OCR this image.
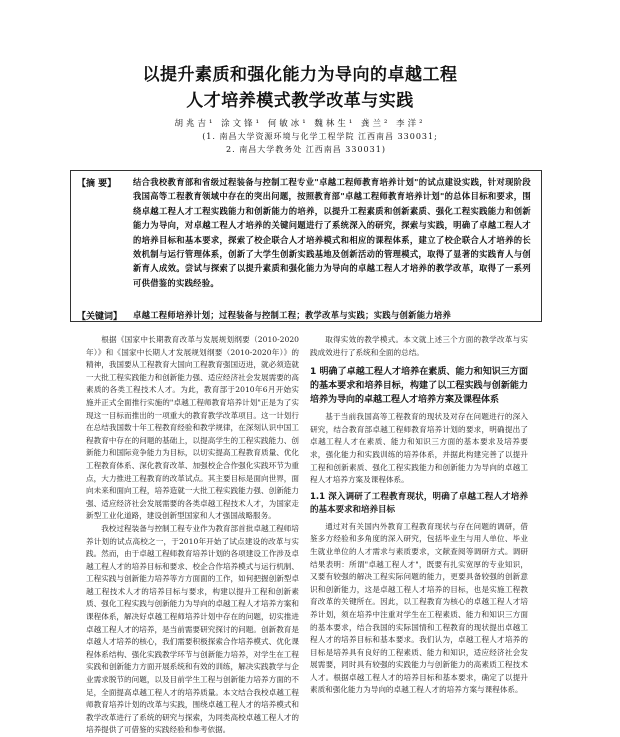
以提升素质和强化能力为导向的卓越工程
人才培养模式教学改革与实践
胡兆吉¹ 涂文锋¹ 何敏冰¹ 魏林生¹ 龚兰² 李洋²
(1. 南昌大学资源环境与化学工程学院 江西南昌 330031;
2. 南昌大学教务处 江西南昌 330031)
【摘 要】 结合我校教育部和省级过程装备与控制工程专业"卓越工程师教育培养计划"的试点建设实践，针对现阶段我国高等工程教育领域中存在的突出问题，按照教育部"卓越工程师教育培养计划"的总体目标和要求，围绕卓越工程人才工程实践能力和创新能力的培养，以提升工程素质和创新素质、强化工程实践能力和创新能力为导向，对卓越工程人才培养的关键问题进行了系统深入的研究，探索与实践，明确了卓越工程人才的培养目标和基本要求，探索了校企联合人才培养模式和相应的课程体系，建立了校企联合人才培养的长效机制与运行管理体系，创新了大学生创新实践基地及创新活动的管理模式，取得了显著的实践育人与创新育人成效。尝试与探索了以提升素质和强化能力为导向的卓越工程人才培养的教学改革，取得了一系列可供借鉴的实践经验。
【关键词】 卓越工程师培养计划；过程装备与控制工程；教学改革与实践；实践与创新能力培养

根据《国家中长期教育改革与发展规划纲要（2010-2020年）》和《国家中长期人才发展规划纲要（2010-2020年）》的精神，我国要从工程教育大国向工程教育强国迈进，就必须造就一大批工程实践能力和创新能力强、适应经济社会发展需要的高素质的各类工程技术人才。为此，教育部于2010年6月开始实施并正式全面推行实施的"卓越工程师教育培养计划"正是为了实现这一目标而推出的一项重大的教育教学改革项目。这一计划行在总结我国数十年工程教育经验和教学规律，在深刻认识中国工程教育中存在的问题的基础上，以提高学生的工程实践能力、创新能力和国际竞争能力为目标，以切实提高工程教育质量、优化工程教育体系、深化教育改革、加强校企合作强化实践环节为重点，大力推进工程教育的改革试点。其主要目标是面向世界，面向未来和面向工程，培养造就一大批工程实践能力强、创新能力强、适应经济社会发展需要的各类卓越工程技术人才，为国家走新型工业化道路，建设创新型国家和人才强国战略服务。

我校过程装备与控制工程专业作为教育部首批卓越工程师培养计划的试点高校之一，于2010年开始了试点建设的改革与实践。然而，由于卓越工程师教育培养计划的各项建设工作涉及卓越工程人才的培养目标和要求、校企合作培养模式与运行机制、工程实践与创新能力培养等方方面面的工作，如何把握创新型卓越工程技术人才的培养目标与要求，构建以提升工程和创新素质、强化工程实践与创新能力为导向的卓越工程人才培养方案和课程体系，解决好卓越工程师培养计划中存在的问题，切实推进卓越工程人才的培养，是当前需要研究探讨的问题。创新教育是卓越人才培养的核心，我们需要积极探索合作培养模式、优化课程体系结构、强化实践教学环节与创新能力培养，对学生在工程实践和创新能力方面开展系统和有效的训练，解决实践教学与企业需求脱节的问题，以及目前学生工程与创新能力培养方面的不足，全面提高卓越工程人才的培养质量。本文结合我校卓越工程师教育培养计划的改革与实践，围绕卓越工程人才的培养模式和教学改革进行了系统的研究与探索，为同类高校卓越工程人才的培养提供了可借鉴的实践经验和参考依据。

取得实效的教学模式。本文就上述三个方面的教学改革与实践成效进行了系统和全面的总结。

1 明确了卓越工程人才培养在素质、能力和知识三方面的基本要求和培养目标，构建了以工程实践与创新能力培养为导向的卓越工程人才培养方案及课程体系

基于当前我国高等工程教育的现状及对存在问题进行的深入研究，结合教育部卓越工程师教育培养计划的要求，明确提出了卓越工程人才在素质、能力和知识三方面的基本要求及培养要求，强化能力和实践训练的培养体系，并据此构建完善了以提升工程和创新素质、强化工程实践能力和创新能力为导向的卓越工程人才培养方案及课程体系。

1.1 深入调研了工程教育现状，明确了卓越工程人才培养的基本要求和培养目标

通过对有关国内外教育工程教育现状与存在问题的调研，借鉴多方经验和多角度的深入研究，包括毕业生与用人单位、毕业生就业单位的人才需求与素质要求，文献查阅等调研方式。调研结果表明：所谓"卓越工程人才"，既要有扎实宽厚的专业知识，又要有较强的解决工程实际问题的能力，更要具备较强的创新意识和创新能力，这是卓越工程人才培养的目标，也是实施工程教育改革的关键所在。因此，以工程教育为核心的卓越工程人才培养计划，须在培养中注重对学生在工程素质、能力和知识三方面的基本要求，结合我国的实际国情和工程教育的现状提出卓越工程人才的培养目标和基本要求。我们认为，卓越工程人才培养的目标是培养具有良好的工程素质、能力和知识，适应经济社会发展需要，同时具有较强的实践能力与创新能力的高素质工程技术人才。根据卓越工程人才的培养目标和基本要求，确定了以提升素质和强化能力为导向的卓越工程人才的培养方案与课程体系。
